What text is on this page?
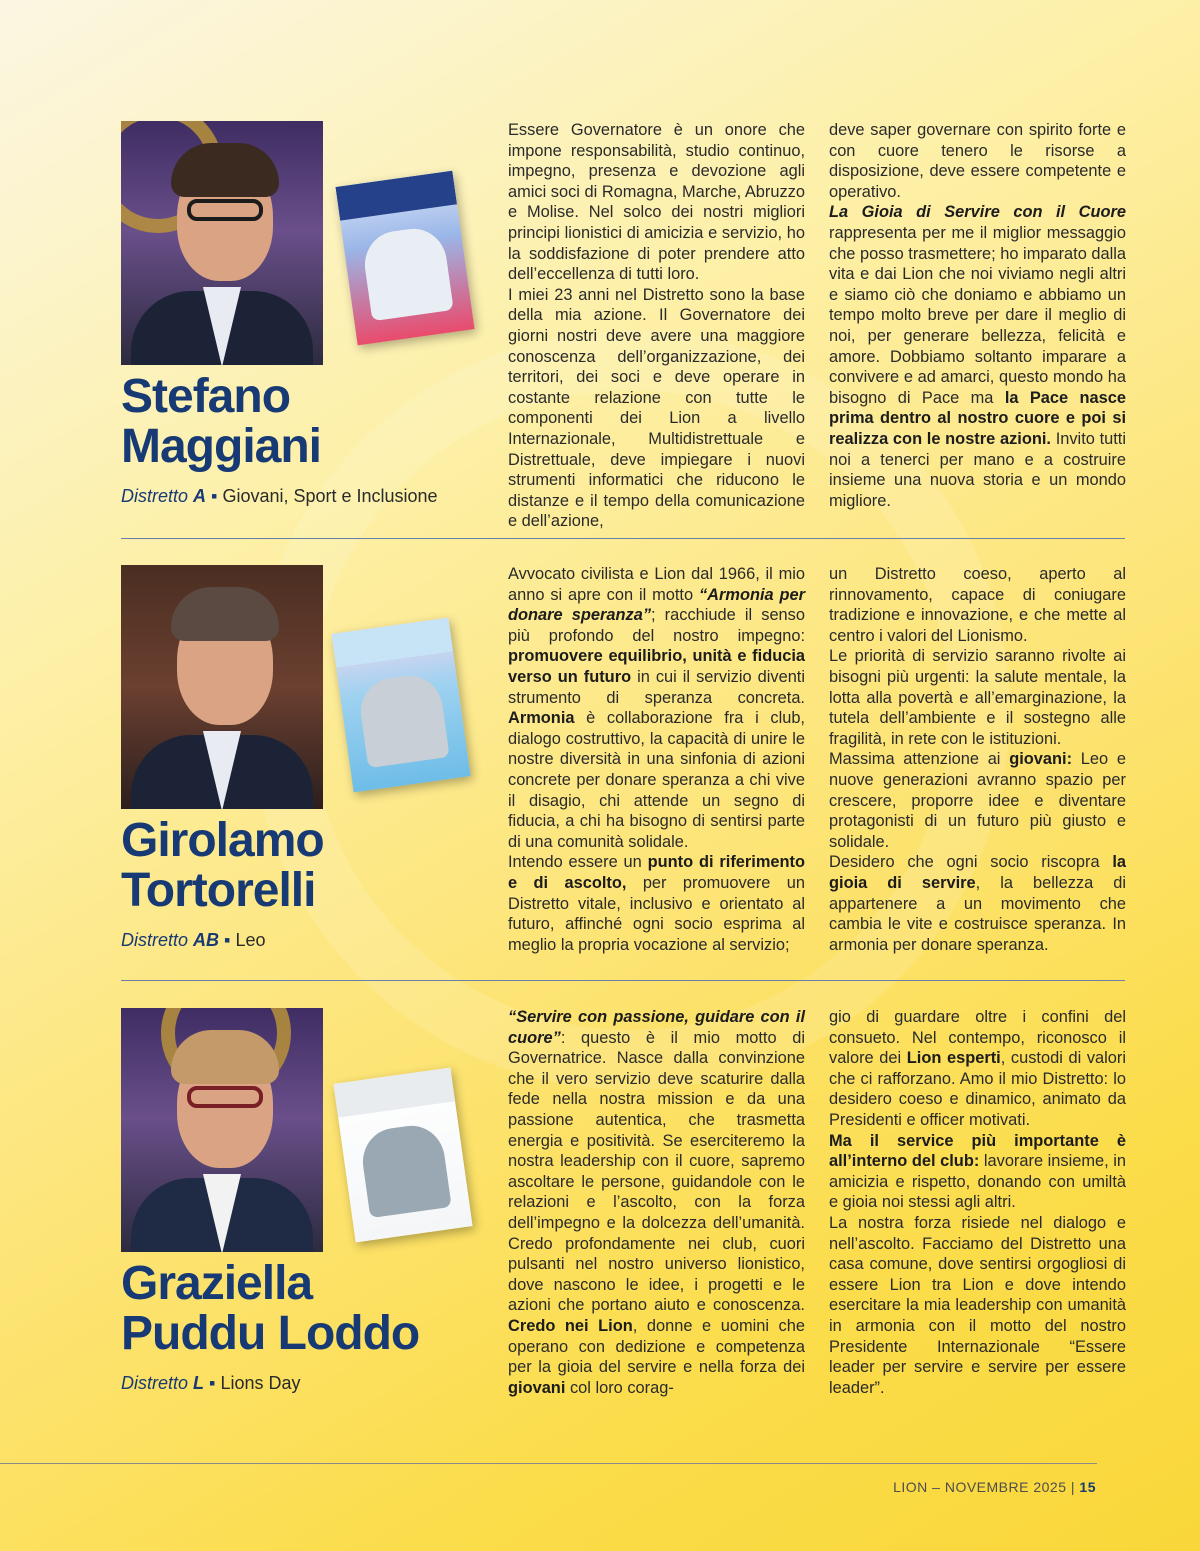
Stefano
Maggiani
Distretto A ▪ Giovani, Sport e Inclusione

Essere Governatore è un onore che impone responsabilità, studio continuo, impegno, presenza e devozione agli amici soci di Romagna, Marche, Abruzzo e Molise. Nel solco dei nostri migliori principi lionistici di amicizia e servizio, ho la soddisfazione di poter prendere atto dell’eccellenza di tutti loro.

I miei 23 anni nel Distretto sono la base della mia azione. Il Governatore dei giorni nostri deve avere una maggiore conoscenza dell’organizzazione, dei territori, dei soci e deve operare in costante relazione con tutte le componenti dei Lion a livello Internazionale, Multidistrettuale e Distrettuale, deve impiegare i nuovi strumenti informatici che riducono le distanze e il tempo della comunicazione e dell’azione,

deve saper governare con spirito forte e con cuore tenero le risorse a disposizione, deve essere competente e operativo.

La Gioia di Servire con il Cuore rappresenta per me il miglior messaggio che posso trasmettere; ho imparato dalla vita e dai Lion che noi viviamo negli altri e siamo ciò che doniamo e abbiamo un tempo molto breve per dare il meglio di noi, per generare bellezza, felicità e amore. Dobbiamo soltanto imparare a convivere e ad amarci, questo mondo ha bisogno di Pace ma la Pace nasce prima dentro al nostro cuore e poi si realizza con le nostre azioni. Invito tutti noi a tenerci per mano e a costruire insieme una nuova storia e un mondo migliore.

Girolamo
Tortorelli
Distretto AB ▪ Leo

Avvocato civilista e Lion dal 1966, il mio anno si apre con il motto “Armonia per donare speranza”; racchiude il senso più profondo del nostro impegno: promuovere equilibrio, unità e fiducia verso un futuro in cui il servizio diventi strumento di speranza concreta. Armonia è collaborazione fra i club, dialogo costruttivo, la capacità di unire le nostre diversità in una sinfonia di azioni concrete per donare speranza a chi vive il disagio, chi attende un segno di fiducia, a chi ha bisogno di sentirsi parte di una comunità solidale.

Intendo essere un punto di riferimento e di ascolto, per promuovere un Distretto vitale, inclusivo e orientato al futuro, affinché ogni socio esprima al meglio la propria vocazione al servizio;

un Distretto coeso, aperto al rinnovamento, capace di coniugare tradizione e innovazione, e che mette al centro i valori del Lionismo.

Le priorità di servizio saranno rivolte ai bisogni più urgenti: la salute mentale, la lotta alla povertà e all’emarginazione, la tutela dell’ambiente e il sostegno alle fragilità, in rete con le istituzioni.

Massima attenzione ai giovani: Leo e nuove generazioni avranno spazio per crescere, proporre idee e diventare protagonisti di un futuro più giusto e solidale.

Desidero che ogni socio riscopra la gioia di servire, la bellezza di appartenere a un movimento che cambia le vite e costruisce speranza. In armonia per donare speranza.

Graziella
Puddu Loddo
Distretto L ▪ Lions Day

“Servire con passione, guidare con il cuore”: questo è il mio motto di Governatrice. Nasce dalla convinzione che il vero servizio deve scaturire dalla fede nella nostra mission e da una passione autentica, che trasmetta energia e positività. Se eserciteremo la nostra leadership con il cuore, sapremo ascoltare le persone, guidandole con le relazioni e l’ascolto, con la forza dell’impegno e la dolcezza dell’umanità. Credo profondamente nei club, cuori pulsanti nel nostro universo lionistico, dove nascono le idee, i progetti e le azioni che portano aiuto e conoscenza. Credo nei Lion, donne e uomini che operano con dedizione e competenza per la gioia del servire e nella forza dei giovani col loro corag-

gio di guardare oltre i confini del consueto. Nel contempo, riconosco il valore dei Lion esperti, custodi di valori che ci rafforzano. Amo il mio Distretto: lo desidero coeso e dinamico, animato da Presidenti e officer motivati.

Ma il service più importante è all’interno del club: lavorare insieme, in amicizia e rispetto, donando con umiltà e gioia noi stessi agli altri.

La nostra forza risiede nel dialogo e nell’ascolto. Facciamo del Distretto una casa comune, dove sentirsi orgogliosi di essere Lion tra Lion e dove intendo esercitare la mia leadership con umanità in armonia con il motto del nostro Presidente Internazionale “Essere leader per servire e servire per essere leader”.

LION – NOVEMBRE 2025 | 15
